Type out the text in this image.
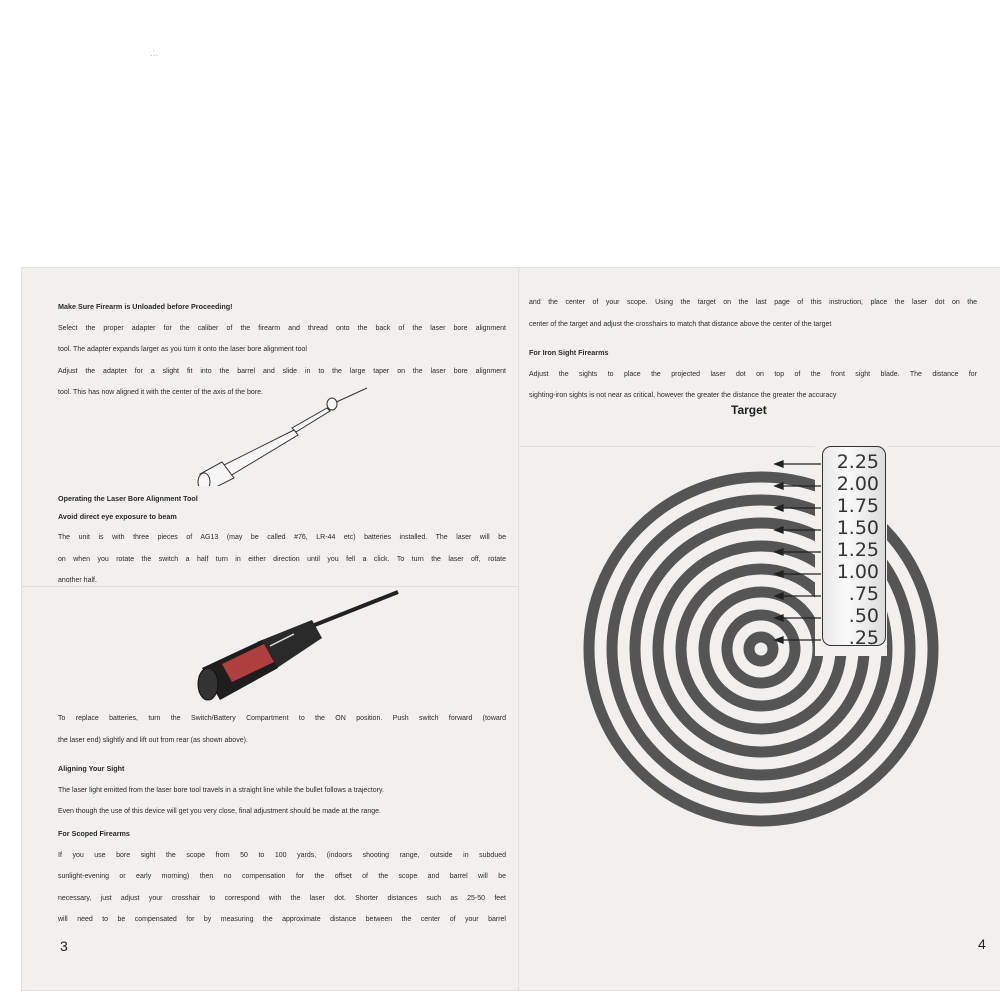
.:.

Make Sure Firearm is Unloaded before Proceeding!

Select the proper adapter for the caliber of the firearm and thread onto the back of the laser bore alignment

tool. The adapter expands larger as you turn it onto the laser bore alignment tool

Adjust the adapter for a slight fit into the barrel and slide in to the large taper on the laser bore alignment

tool. This has now aligned it with the center of the axis of the bore.

Operating the Laser Bore Alignment Tool

Avoid direct eye exposure to beam

The unit is with three pieces of AG13 (may be called #76, LR-44 etc) batteries installed. The laser will be

on when you rotate the switch a half turn in either direction until you fell a click. To turn the laser off, rotate

another half.

To replace batteries, turn the Switch/Battery Compartment to the ON position. Push switch forward (toward

the laser end) slightly and lift out from rear (as shown above).

Aligning Your Sight

The laser light emitted from the laser bore tool travels in a straight line while the bullet follows a trajectory.

Even though the use of this device will get you very close, final adjustment should be made at the range.

For Scoped Firearms

If you use bore sight the scope from 50 to 100 yards, (indoors shooting range, outside in subdued

sunlight-evening or early morning) then no compensation for the offset of the scope and barrel will be

necessary, just adjust your crosshair to correspond with the laser dot. Shorter distances such as 25-50 feet

will need to be compensated for by measuring the approximate distance between the center of your barrel

3

and the center of your scope. Using the target on the last page of this instruction, place the laser dot on the

center of the target and adjust the crosshairs to match that distance above the center of the target

For Iron Sight Firearms

Adjust the sights to place the projected laser dot on top of the front sight blade. The distance for

sighting-iron sights is not near as critical, however the greater the distance the greater the accuracy

Target
2.25
2.00
1.75
1.50
1.25
1.00
.75
.50
.25
4
